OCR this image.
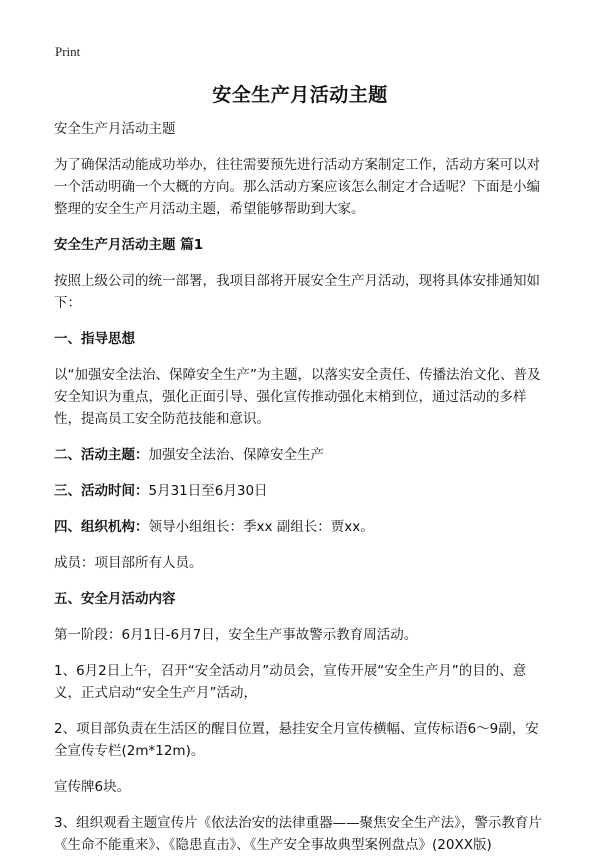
Print
安全生产月活动主题

安全生产月活动主题

为了确保活动能成功举办，往往需要预先进行活动方案制定工作，活动方案可以对一个活动明确一个大概的方向。那么活动方案应该怎么制定才合适呢？下面是小编整理的安全生产月活动主题，希望能够帮助到大家。

安全生产月活动主题 篇1

按照上级公司的统一部署，我项目部将开展安全生产月活动，现将具体安排通知如下：

一、指导思想

以“加强安全法治、保障安全生产”为主题，以落实安全责任、传播法治文化、普及安全知识为重点，强化正面引导、强化宣传推动强化末梢到位，通过活动的多样性，提高员工安全防范技能和意识。

二、活动主题：加强安全法治、保障安全生产

三、活动时间：5月31日至6月30日

四、组织机构：领导小组组长：季xx 副组长：贾xx。

成员：项目部所有人员。

五、安全月活动内容

第一阶段：6月1日-6月7日，安全生产事故警示教育周活动。

1、6月2日上午，召开“安全活动月”动员会，宣传开展“安全生产月”的目的、意义，正式启动“安全生产月”活动，

2、项目部负责在生活区的醒目位置，悬挂安全月宣传横幅、宣传标语6～9副，安全宣传专栏(2m*12m)。

宣传牌6块。

3、组织观看主题宣传片《依法治安的法律重器——聚焦安全生产法》，警示教育片《生命不能重来》、《隐患直击》、《生产安全事故典型案例盘点》(20XX版)
